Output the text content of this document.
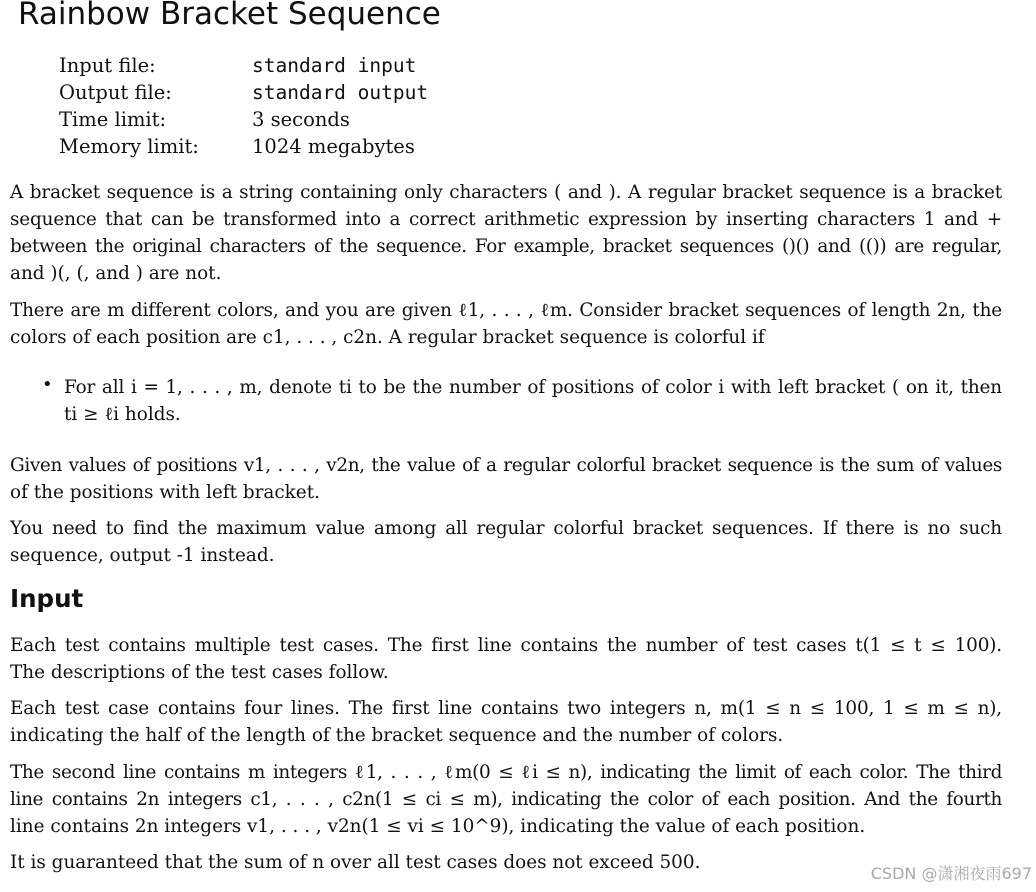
Rainbow Bracket Sequence
Input file:	standard input
Output file:	standard output
Time limit:	3 seconds
Memory limit:	1024 megabytes
A bracket sequence is a string containing only characters ( and ). A regular bracket sequence is a bracket
sequence that can be transformed into a correct arithmetic expression by inserting characters 1 and +
between the original characters of the sequence. For example, bracket sequences ()() and (()) are regular,
and )(, (, and ) are not.
There are m different colors, and you are given ℓ1, . . . , ℓm. Consider bracket sequences of length 2n, the
colors of each position are c1, . . . , c2n. A regular bracket sequence is colorful if
• For all i = 1, . . . , m, denote ti to be the number of positions of color i with left bracket ( on it, then
ti ≥ ℓi holds.
Given values of positions v1, . . . , v2n, the value of a regular colorful bracket sequence is the sum of values
of the positions with left bracket.
You need to find the maximum value among all regular colorful bracket sequences. If there is no such
sequence, output -1 instead.
Input
Each test contains multiple test cases. The first line contains the number of test cases t(1 ≤ t ≤ 100).
The descriptions of the test cases follow.
Each test case contains four lines. The first line contains two integers n, m(1 ≤ n ≤ 100, 1 ≤ m ≤ n),
indicating the half of the length of the bracket sequence and the number of colors.
The second line contains m integers ℓ1, . . . , ℓm(0 ≤ ℓi ≤ n), indicating the limit of each color. The third
line contains 2n integers c1, . . . , c2n(1 ≤ ci ≤ m), indicating the color of each position. And the fourth
line contains 2n integers v1, . . . , v2n(1 ≤ vi ≤ 10^9), indicating the value of each position.
It is guaranteed that the sum of n over all test cases does not exceed 500.
CSDN @潇湘夜雨697
